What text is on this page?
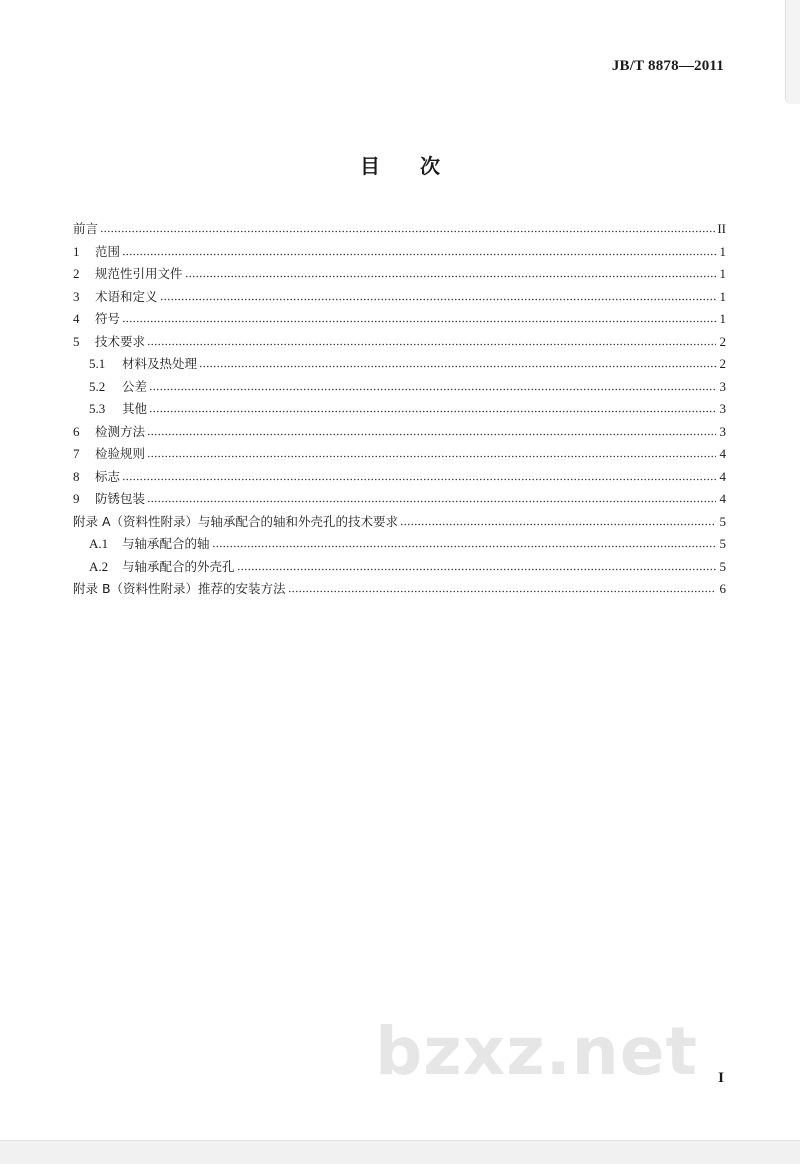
JB/T 8878—2011
目 次
前言	II
1	范围	1
2	规范性引用文件	1
3	术语和定义	1
4	符号	1
5	技术要求	2
5.1	材料及热处理	2
5.2	公差	3
5.3	其他	3
6	检测方法	3
7	检验规则	4
8	标志	4
9	防锈包装	4
附录 A（资料性附录）与轴承配合的轴和外壳孔的技术要求	5
A.1	与轴承配合的轴	5
A.2	与轴承配合的外壳孔	5
附录 B（资料性附录）推荐的安装方法	6
bzxz.net I
